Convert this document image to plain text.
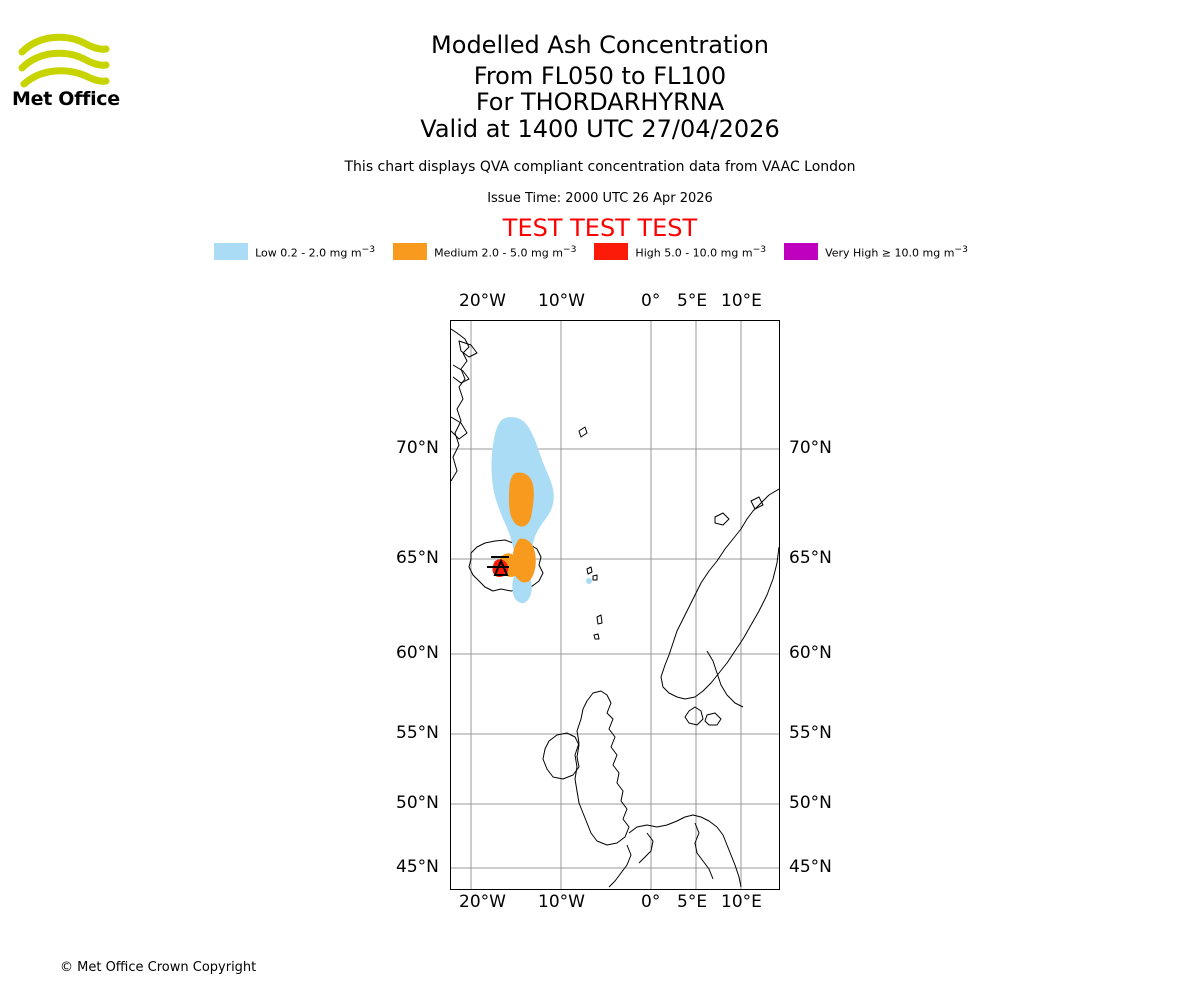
Met Office
Modelled Ash Concentration
From FL050 to FL100
For THORDARHYRNA
Valid at 1400 UTC 27/04/2026
This chart displays QVA compliant concentration data from VAAC London
Issue Time: 2000 UTC 26 Apr 2026
TEST TEST TEST
Low 0.2 - 2.0 mg $m^{-3}$	Medium 2.0 - 5.0 mg $m^{-3}$	High 5.0 - 10.0 mg $m^{-3}$	Very High ≥ 10.0 mg $m^{-3}$
20°W 10°W	0° 5°E 10°E
20°W 10°W	0° 5°E 10°E
70°N
65°N
60°N
55°N
50°N
45°N
70°N
65°N
60°N
55°N
50°N
45°N
© Met Office Crown Copyright
